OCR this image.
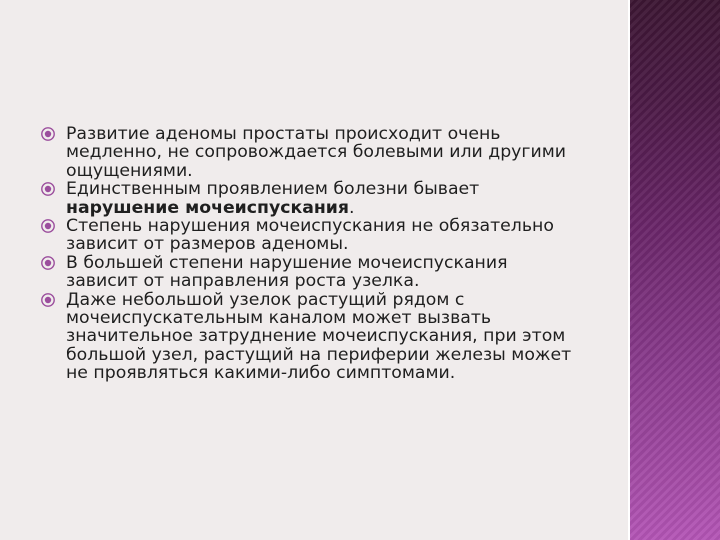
Развитие аденомы простаты происходит очень медленно, не сопровождается болевыми или другими ощущениями.
Единственным проявлением болезни бывает нарушение мочеиспускания.
Степень нарушения мочеиспускания не обязательно зависит от размеров аденомы.
В большей степени нарушение мочеиспускания зависит от направления роста узелка.
Даже небольшой узелок растущий рядом с мочеиспускательным каналом может вызвать значительное затруднение мочеиспускания, при этом большой узел, растущий на периферии железы может не проявляться какими-либо симптомами.
